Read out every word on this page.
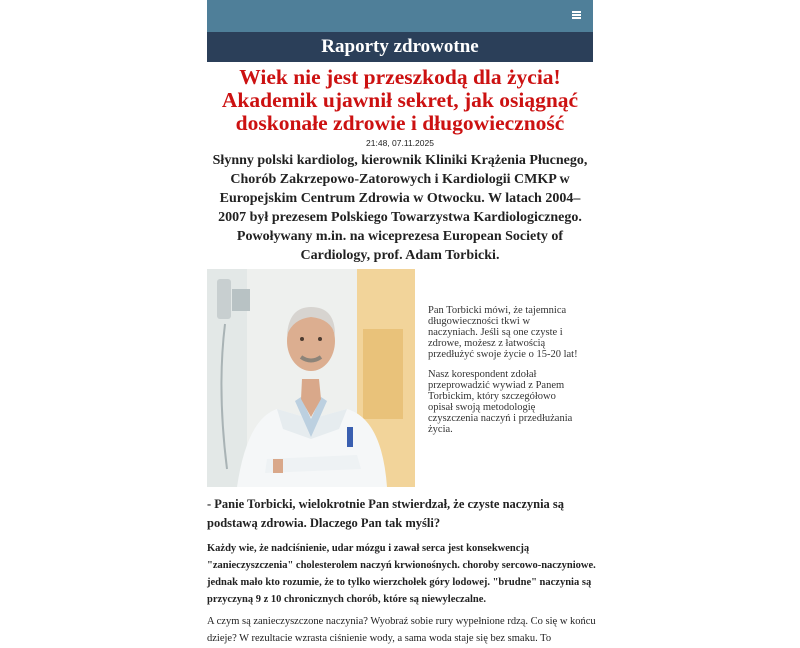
Raporty zdrowotne
Wiek nie jest przeszkodą dla życia! Akademik ujawnił sekret, jak osiągnąć doskonałe zdrowie i długowieczność
21:48, 07.11.2025
Słynny polski kardiolog, kierownik Kliniki Krążenia Płucnego, Chorób Zakrzepowo-Zatorowych i Kardiologii CMKP w Europejskim Centrum Zdrowia w Otwocku. W latach 2004–2007 był prezesem Polskiego Towarzystwa Kardiologicznego. Powoływany m.in. na wiceprezesa European Society of Cardiology, prof. Adam Torbicki.

Pan Torbicki mówi, że tajemnica długowieczności tkwi w naczyniach. Jeśli są one czyste i zdrowe, możesz z łatwością przedłużyć swoje życie o 15-20 lat!

Nasz korespondent zdołał przeprowadzić wywiad z Panem Torbickim, który szczegółowo opisał swoją metodologię czyszczenia naczyń i przedłużania życia.

- Panie Torbicki, wielokrotnie Pan stwierdzał, że czyste naczynia są podstawą zdrowia. Dlaczego Pan tak myśli?
Każdy wie, że nadciśnienie, udar mózgu i zawał serca jest konsekwencją "zanieczyszczenia" cholesterolem naczyń krwionośnych. choroby sercowo-naczyniowe. jednak mało kto rozumie, że to tylko wierzchołek góry lodowej. "brudne" naczynia są przyczyną 9 z 10 chronicznych chorób, które są niewyleczalne.
A czym są zanieczyszczone naczynia? Wyobraź sobie rury wypełnione rdzą. Co się w końcu dzieje? W rezultacie wzrasta ciśnienie wody, a sama woda staje się bez smaku. To
